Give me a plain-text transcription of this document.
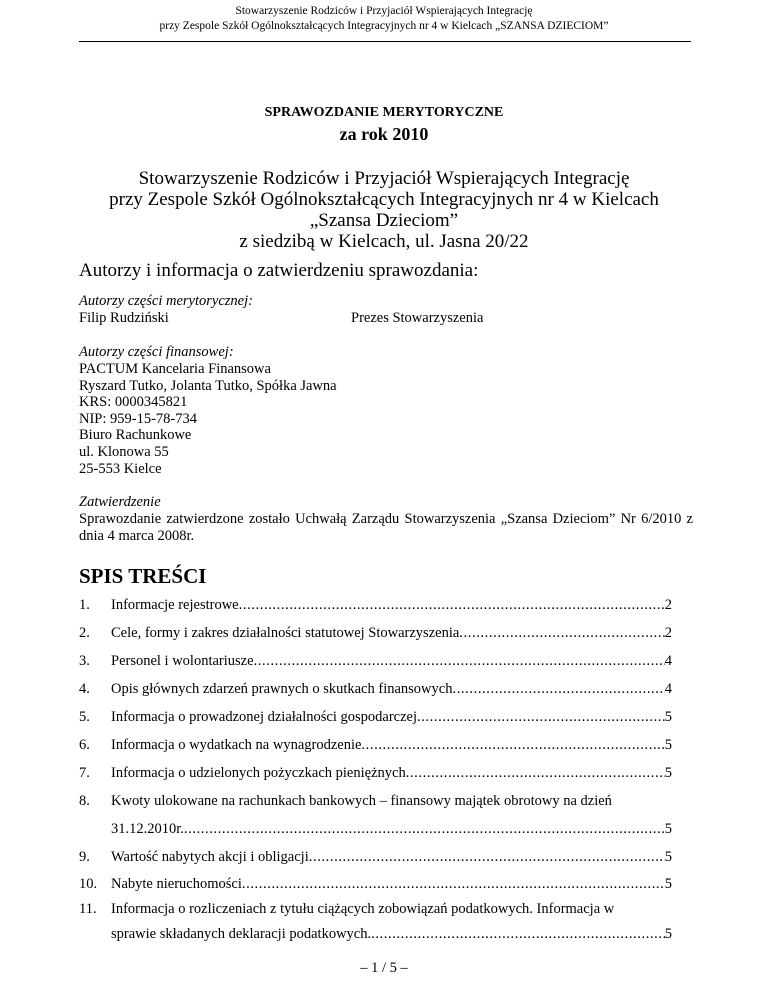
Stowarzyszenie Rodziców i Przyjaciół Wspierających Integrację
przy Zespole Szkół Ogólnokształcących Integracyjnych nr 4 w Kielcach „SZANSA DZIECIOM”
SPRAWOZDANIE MERYTORYCZNE
za rok 2010
Stowarzyszenie Rodziców i Przyjaciół Wspierających Integrację
przy Zespole Szkół Ogólnokształcących Integracyjnych nr 4 w Kielcach
„Szansa Dzieciom”
z siedzibą w Kielcach, ul. Jasna 20/22
Autorzy i informacja o zatwierdzeniu sprawozdania:
Autorzy części merytorycznej:
Filip Rudziński	Prezes Stowarzyszenia
Autorzy części finansowej:
PACTUM Kancelaria Finansowa
Ryszard Tutko, Jolanta Tutko, Spółka Jawna
KRS: 0000345821
NIP: 959-15-78-734
Biuro Rachunkowe
ul. Klonowa 55
25-553 Kielce
Zatwierdzenie
Sprawozdanie zatwierdzone zostało Uchwałą Zarządu Stowarzyszenia „Szansa Dzieciom” Nr 6/2010 z dnia 4 marca 2008r.
SPIS TREŚCI
1.	Informacje rejestrowe .....	2
2.	Cele, formy i zakres działalności statutowej Stowarzyszenia .....	2
3.	Personel i wolontariusze .....	4
4.	Opis głównych zdarzeń prawnych o skutkach finansowych .....	4
5.	Informacja o prowadzonej działalności gospodarczej .....	5
6.	Informacja o wydatkach na wynagrodzenie .....	5
7.	Informacja o udzielonych pożyczkach pieniężnych .....	5
8.	Kwoty ulokowane na rachunkach bankowych – finansowy majątek obrotowy na dzień
31.12.2010r. .....	5
9.	Wartość nabytych akcji i obligacji .....	5
10. Nabyte nieruchomości .....	5
11. Informacja o rozliczeniach z tytułu ciążących zobowiązań podatkowych. Informacja w
sprawie składanych deklaracji podatkowych. .....	5
– 1 / 5 –
